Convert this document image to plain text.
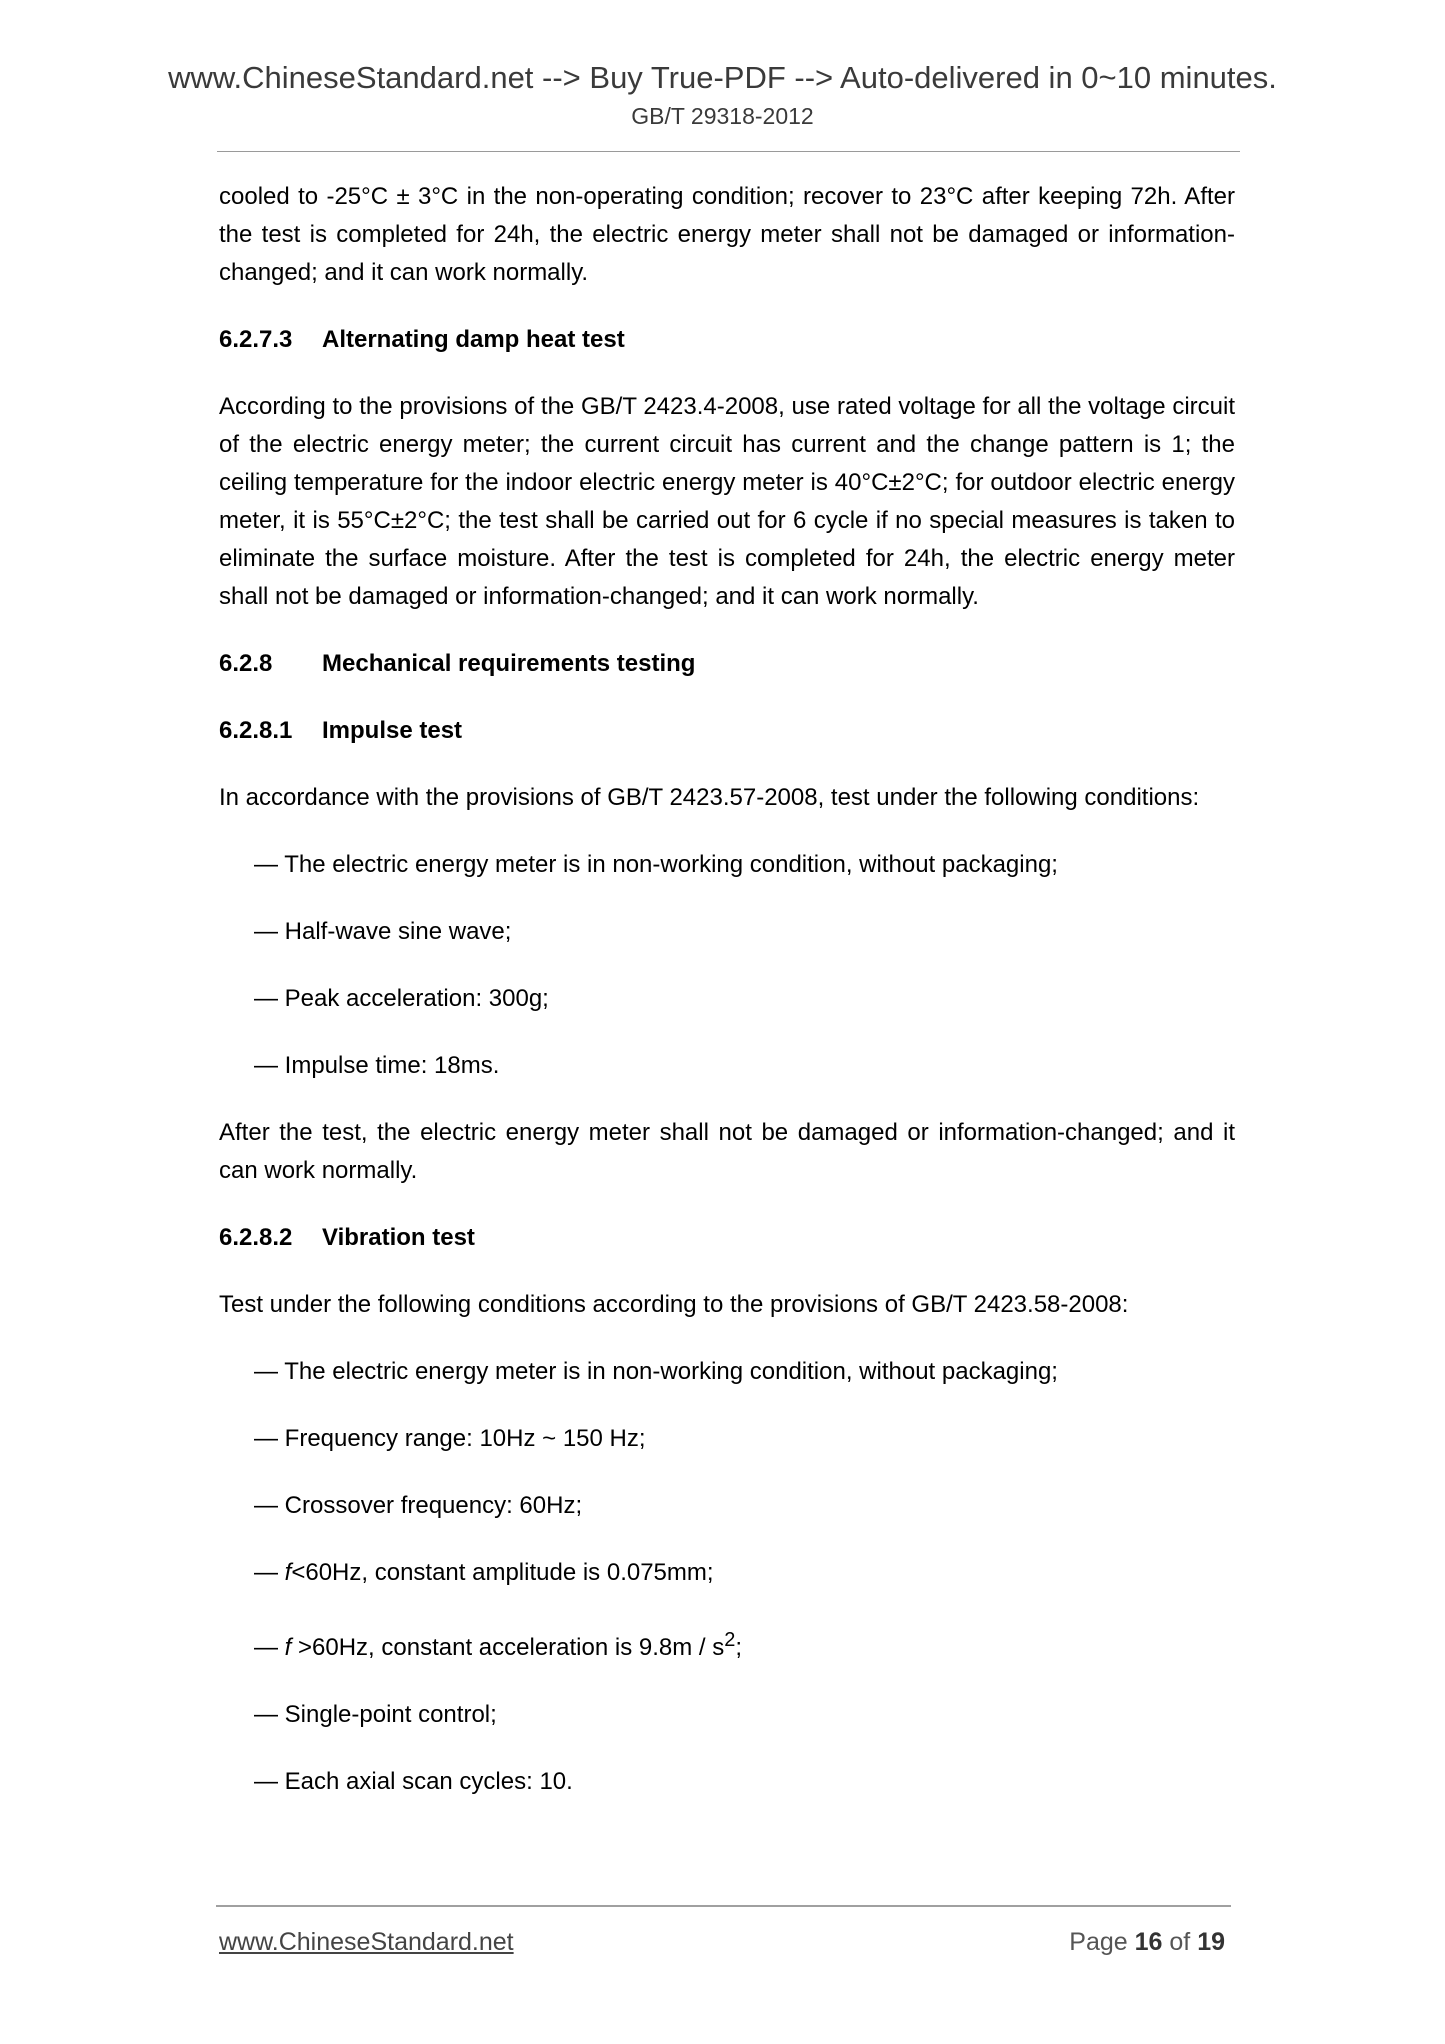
www.ChineseStandard.net --> Buy True-PDF --> Auto-delivered in 0~10 minutes.
GB/T 29318-2012

cooled to -25°C ± 3°C in the non-operating condition; recover to 23°C after keeping 72h. After the test is completed for 24h, the electric energy meter shall not be damaged or information-changed; and it can work normally.

6.2.7.3	Alternating damp heat test

According to the provisions of the GB/T 2423.4-2008, use rated voltage for all the voltage circuit of the electric energy meter; the current circuit has current and the change pattern is 1; the ceiling temperature for the indoor electric energy meter is 40°C±2°C; for outdoor electric energy meter, it is 55°C±2°C; the test shall be carried out for 6 cycle if no special measures is taken to eliminate the surface moisture. After the test is completed for 24h, the electric energy meter shall not be damaged or information-changed; and it can work normally.

6.2.8	Mechanical requirements testing
6.2.8.1	Impulse test

In accordance with the provisions of GB/T 2423.57-2008, test under the following conditions:

— The electric energy meter is in non-working condition, without packaging;
— Half-wave sine wave;
— Peak acceleration: 300g;
— Impulse time: 18ms.

After the test, the electric energy meter shall not be damaged or information-changed; and it can work normally.

6.2.8.2	Vibration test

Test under the following conditions according to the provisions of GB/T 2423.58-2008:

— The electric energy meter is in non-working condition, without packaging;
— Frequency range: 10Hz ~ 150 Hz;
— Crossover frequency: 60Hz;
— f<60Hz, constant amplitude is 0.075mm;
— f >60Hz, constant acceleration is $9.8m / s^2$;
— Single-point control;
— Each axial scan cycles: 10.
www.ChineseStandard.net	Page 16 of 19
